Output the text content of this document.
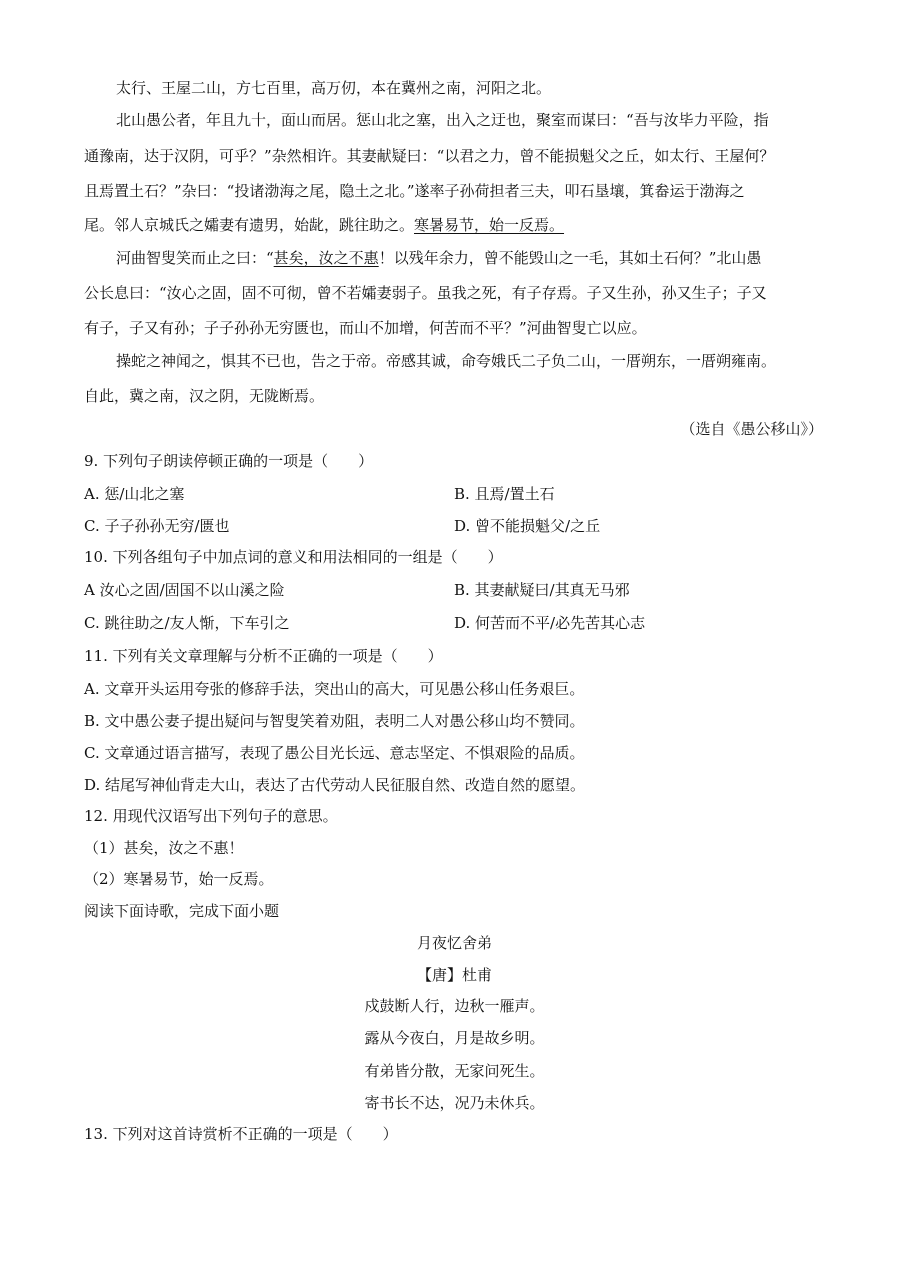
太行、王屋二山，方七百里，高万仞，本在冀州之南，河阳之北。
北山愚公者，年且九十，面山而居。惩山北之塞，出入之迂也，聚室而谋曰：“吾与汝毕力平险，指
通豫南，达于汉阴，可乎？”杂然相许。其妻献疑曰：“以君之力，曾不能损魁父之丘，如太行、王屋何？
且焉置土石？”杂曰：“投诸渤海之尾，隐土之北。”遂率子孙荷担者三夫，叩石垦壤，箕畚运于渤海之
尾。邻人京城氏之孀妻有遗男，始龀，跳往助之。寒暑易节，始一反焉。
河曲智叟笑而止之曰：“甚矣，汝之不惠！以残年余力，曾不能毁山之一毛，其如土石何？”北山愚
公长息曰：“汝心之固，固不可彻，曾不若孀妻弱子。虽我之死，有子存焉。子又生孙，孙又生子；子又
有子，子又有孙；子子孙孙无穷匮也，而山不加增，何苦而不平？”河曲智叟亡以应。
操蛇之神闻之，惧其不已也，告之于帝。帝感其诚，命夸娥氏二子负二山，一厝朔东，一厝朔雍南。
自此，冀之南，汉之阴，无陇断焉。
（选自《愚公移山》）
9. 下列句子朗读停顿正确的一项是（　　）
A. 惩/山北之塞	B. 且焉/置土石
C. 子子孙孙无穷/匮也	D. 曾不能损魁父/之丘
10. 下列各组句子中加点词的意义和用法相同的一组是（　　）
A 汝心之固/固国不以山溪之险	B. 其妻献疑曰/其真无马邪
C. 跳往助之/友人惭，下车引之	D. 何苦而不平/必先苦其心志
11. 下列有关文章理解与分析不正确的一项是（　　）
A. 文章开头运用夸张的修辞手法，突出山的高大，可见愚公移山任务艰巨。
B. 文中愚公妻子提出疑问与智叟笑着劝阻，表明二人对愚公移山均不赞同。
C. 文章通过语言描写，表现了愚公目光长远、意志坚定、不惧艰险的品质。
D. 结尾写神仙背走大山，表达了古代劳动人民征服自然、改造自然的愿望。
12. 用现代汉语写出下列句子的意思。
（1）甚矣，汝之不惠！
（2）寒暑易节，始一反焉。
阅读下面诗歌，完成下面小题
月夜忆舍弟
【唐】杜甫
戍鼓断人行，边秋一雁声。
露从今夜白，月是故乡明。
有弟皆分散，无家问死生。
寄书长不达，况乃未休兵。
13. 下列对这首诗赏析不正确的一项是（　　）
